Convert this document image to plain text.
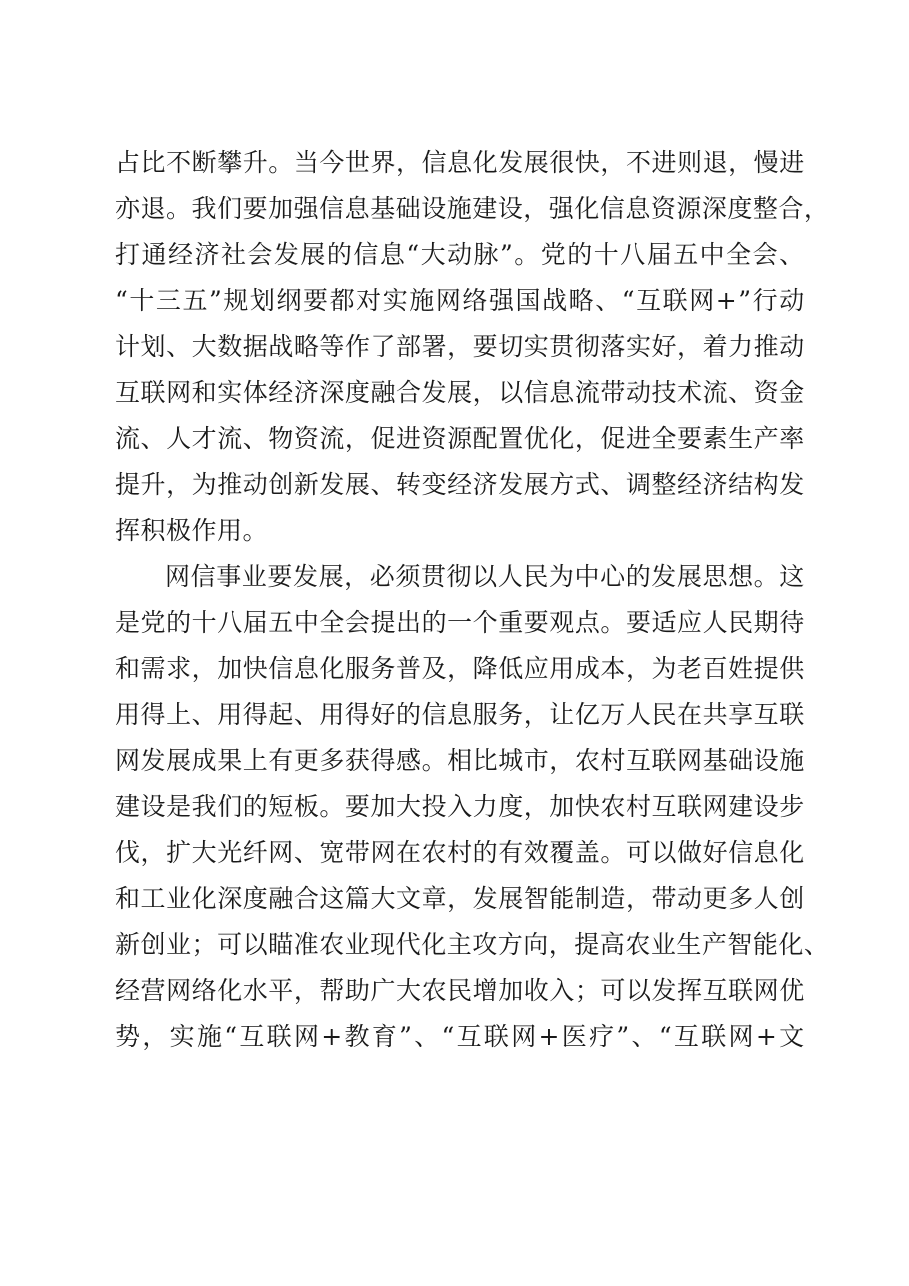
占 比 不 断 攀 升 。 当 今 世 界 ， 信 息 化 发 展 很 快 ， 不 进 则 退 ， 慢 进
亦 退 。 我 们 要 加 强 信 息 基 础 设 施 建 设 ， 强 化 信 息 资 源 深 度 整 合 ，
打 通 经 济 社 会 发 展 的 信 息 “ 大 动 脉 ” 。 党 的 十 八 届 五 中 全 会 、
“ 十 三 五 ” 规 划 纲 要 都 对 实 施 网 络 强 国 战 略 、 “ 互 联 网 + ” 行 动
计 划 、 大 数 据 战 略 等 作 了 部 署 ， 要 切 实 贯 彻 落 实 好 ， 着 力 推 动
互 联 网 和 实 体 经 济 深 度 融 合 发 展 ， 以 信 息 流 带 动 技 术 流 、 资 金
流 、 人 才 流 、 物 资 流 ， 促 进 资 源 配 置 优 化 ， 促 进 全 要 素 生 产 率
提 升 ， 为 推 动 创 新 发 展 、 转 变 经 济 发 展 方 式 、 调 整 经 济 结 构 发
挥积极作用。
网 信 事 业 要 发 展 ， 必 须 贯 彻 以 人 民 为 中 心 的 发 展 思 想 。 这
是 党 的 十 八 届 五 中 全 会 提 出 的 一 个 重 要 观 点 。 要 适 应 人 民 期 待
和 需 求 ， 加 快 信 息 化 服 务 普 及 ， 降 低 应 用 成 本 ， 为 老 百 姓 提 供
用 得 上 、 用 得 起 、 用 得 好 的 信 息 服 务 ， 让 亿 万 人 民 在 共 享 互 联
网 发 展 成 果 上 有 更 多 获 得 感 。 相 比 城 市 ， 农 村 互 联 网 基 础 设 施
建 设 是 我 们 的 短 板 。 要 加 大 投 入 力 度 ， 加 快 农 村 互 联 网 建 设 步
伐 ， 扩 大 光 纤 网 、 宽 带 网 在 农 村 的 有 效 覆 盖 。 可 以 做 好 信 息 化
和 工 业 化 深 度 融 合 这 篇 大 文 章 ， 发 展 智 能 制 造 ， 带 动 更 多 人 创
新 创 业 ； 可 以 瞄 准 农 业 现 代 化 主 攻 方 向 ， 提 高 农 业 生 产 智 能 化 、
经 营 网 络 化 水 平 ， 帮 助 广 大 农 民 增 加 收 入 ； 可 以 发 挥 互 联 网 优
势 ， 实 施 “ 互 联 网 + 教 育 ” 、 “ 互 联 网 + 医 疗 ” 、 “ 互 联 网 + 文
